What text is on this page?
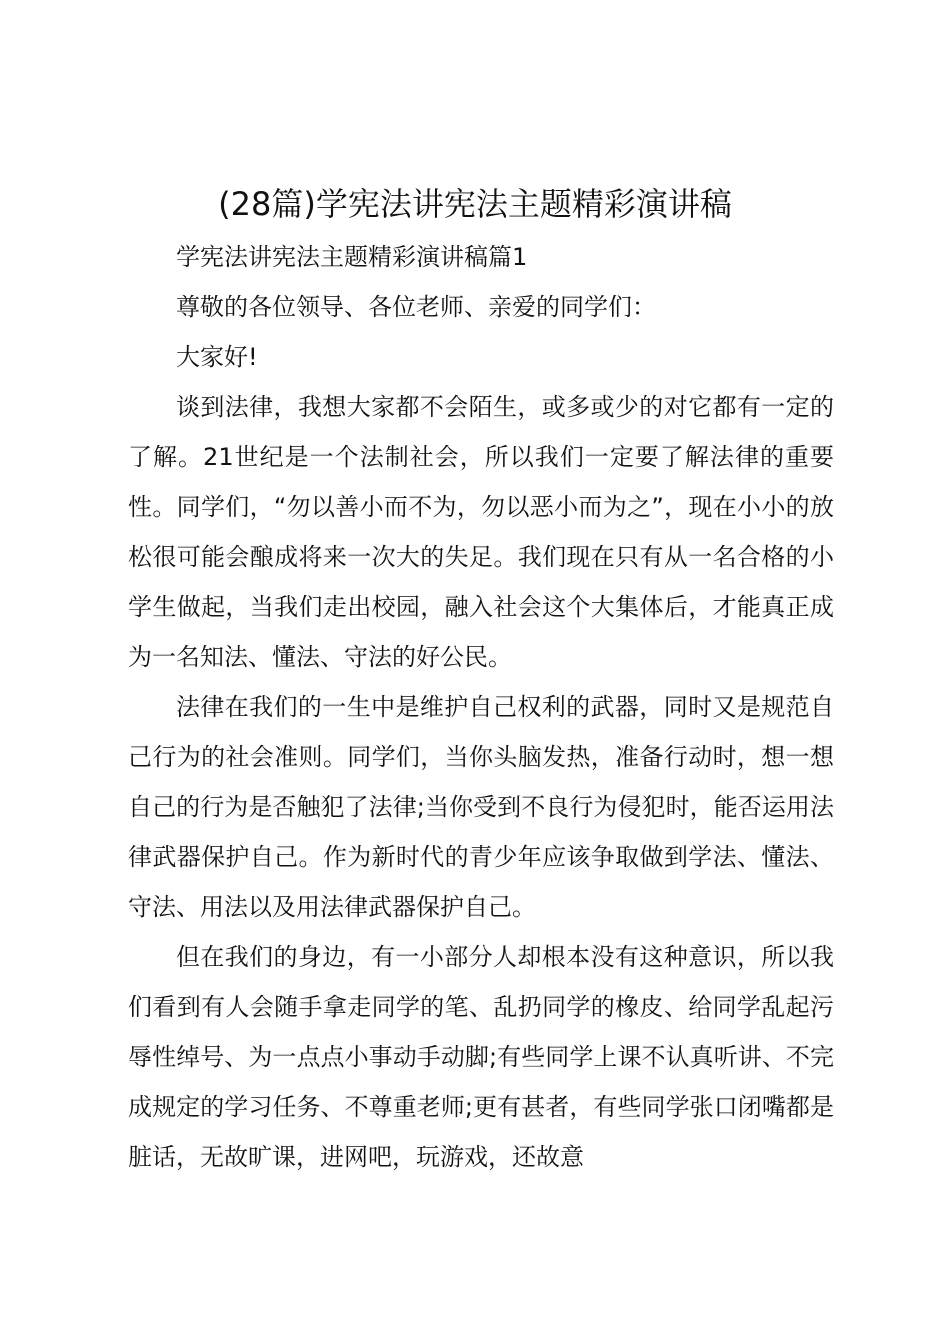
(28篇)学宪法讲宪法主题精彩演讲稿

学宪法讲宪法主题精彩演讲稿篇1

尊敬的各位领导、各位老师、亲爱的同学们：

大家好!

谈到法律，我想大家都不会陌生，或多或少的对它都有一定的了解。21世纪是一个法制社会，所以我们一定要了解法律的重要性。同学们，“勿以善小而不为，勿以恶小而为之”，现在小小的放松很可能会酿成将来一次大的失足。我们现在只有从一名合格的小学生做起，当我们走出校园，融入社会这个大集体后，才能真正成为一名知法、懂法、守法的好公民。

法律在我们的一生中是维护自己权利的武器，同时又是规范自己行为的社会准则。同学们，当你头脑发热，准备行动时，想一想自己的行为是否触犯了法律;当你受到不良行为侵犯时，能否运用法律武器保护自己。作为新时代的青少年应该争取做到学法、懂法、守法、用法以及用法律武器保护自己。

但在我们的身边，有一小部分人却根本没有这种意识，所以我们看到有人会随手拿走同学的笔、乱扔同学的橡皮、给同学乱起污辱性绰号、为一点点小事动手动脚;有些同学上课不认真听讲、不完成规定的学习任务、不尊重老师;更有甚者，有些同学张口闭嘴都是脏话，无故旷课，进网吧，玩游戏，还故意
